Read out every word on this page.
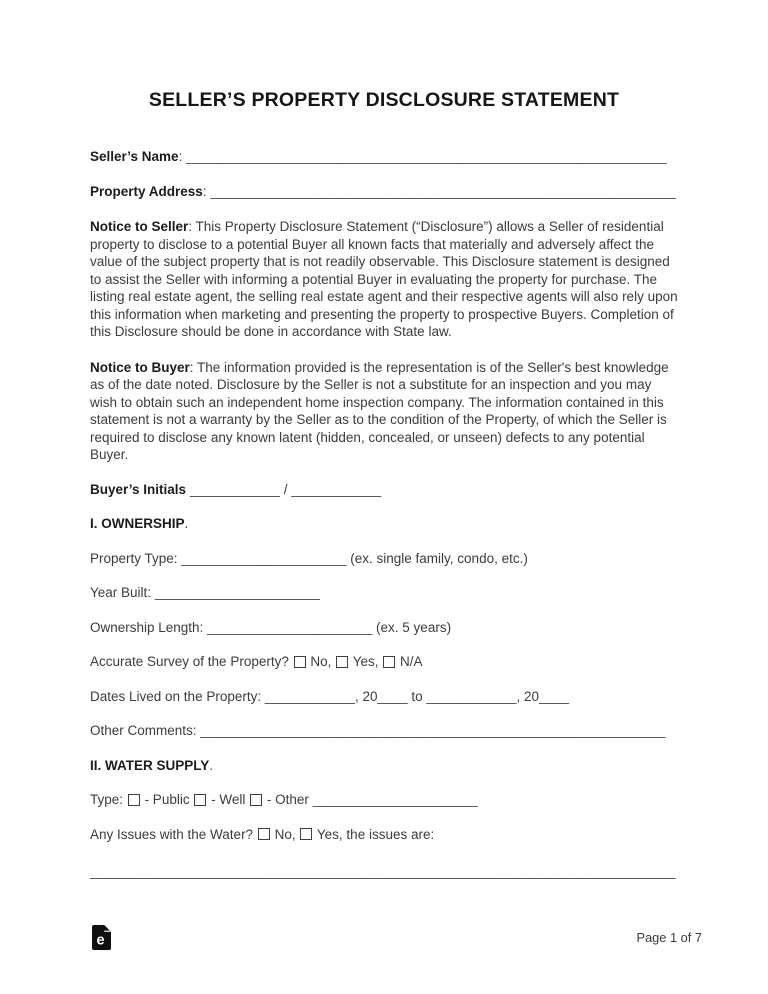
SELLER’S PROPERTY DISCLOSURE STATEMENT
Seller’s Name: ________________________________________________________________
Property Address: ______________________________________________________________

Notice to Seller: This Property Disclosure Statement (“Disclosure”) allows a Seller of residential property to disclose to a potential Buyer all known facts that materially and adversely affect the value of the subject property that is not readily observable. This Disclosure statement is designed to assist the Seller with informing a potential Buyer in evaluating the property for purchase. The listing real estate agent, the selling real estate agent and their respective agents will also rely upon this information when marketing and presenting the property to prospective Buyers. Completion of this Disclosure should be done in accordance with State law.

Notice to Buyer: The information provided is the representation is of the Seller's best knowledge as of the date noted. Disclosure by the Seller is not a substitute for an inspection and you may wish to obtain such an independent home inspection company. The information contained in this statement is not a warranty by the Seller as to the condition of the Property, of which the Seller is required to disclose any known latent (hidden, concealed, or unseen) defects to any potential Buyer.

Buyer’s Initials ____________ / ____________
I. OWNERSHIP.
Property Type: ______________________ (ex. single family, condo, etc.)
Year Built: ______________________
Ownership Length: ______________________ (ex. 5 years)
Accurate Survey of the Property? No, Yes, N/A
Dates Lived on the Property: ____________, 20____ to ____________, 20____
Other Comments: ______________________________________________________________
II. WATER SUPPLY.
Type: - Public - Well - Other ______________________
Any Issues with the Water? No, Yes, the issues are:
______________________________________________________________________________
e	Page 1 of 7
